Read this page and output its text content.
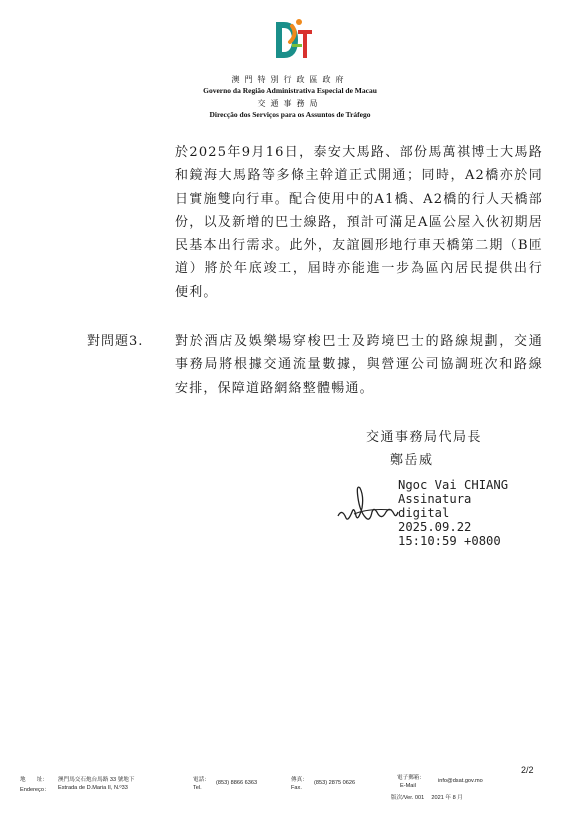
澳門特別行政區政府
Governo da Região Administrativa Especial de Macau
交通事務局
Direcção dos Serviços para os Assuntos de Tráfego
於2025年9月16日，泰安大馬路、部份馬萬祺博士大馬路和鏡海大馬路等多條主幹道正式開通；同時，A2橋亦於同日實施雙向行車。配合使用中的A1橋、A2橋的行人天橋部份，以及新增的巴士線路，預計可滿足A區公屋入伙初期居民基本出行需求。此外，友誼圓形地行車天橋第二期（B匝道）將於年底竣工，屆時亦能進一步為區內居民提供出行便利。
對問題3. 對於酒店及娛樂場穿梭巴士及跨境巴士的路線規劃，交通事務局將根據交通流量數據，與營運公司協調班次和路線安排，保障道路網絡整體暢通。
交通事務局代局長
鄭岳威
Ngoc Vai CHIANG
Assinatura
digital
2025.09.22
15:10:59 +0800
2/2
地　　址： 澳門馬交石炮台馬路 33 號地下
Endereço： Estrada de D.Maria II, N.º33
電話：
Tel.
(853) 8866 6363	傳真：
Fax.
(853) 2875 0626
電子郵箱：
E-Mail
info@dsat.gov.mo
版次/Ver. 001　 2021 年 8 月
